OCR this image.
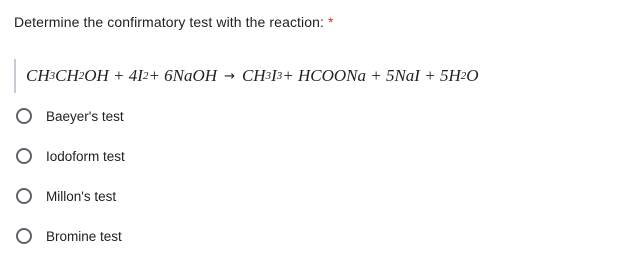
Determine the confirmatory test with the reaction: *
CH 3 CH 2 OH + 4I 2 + 6NaOH → CH 3 I 3 + HCOONa + 5NaI + 5H 2 O
Baeyer's test
Iodoform test
Millon's test
Bromine test
